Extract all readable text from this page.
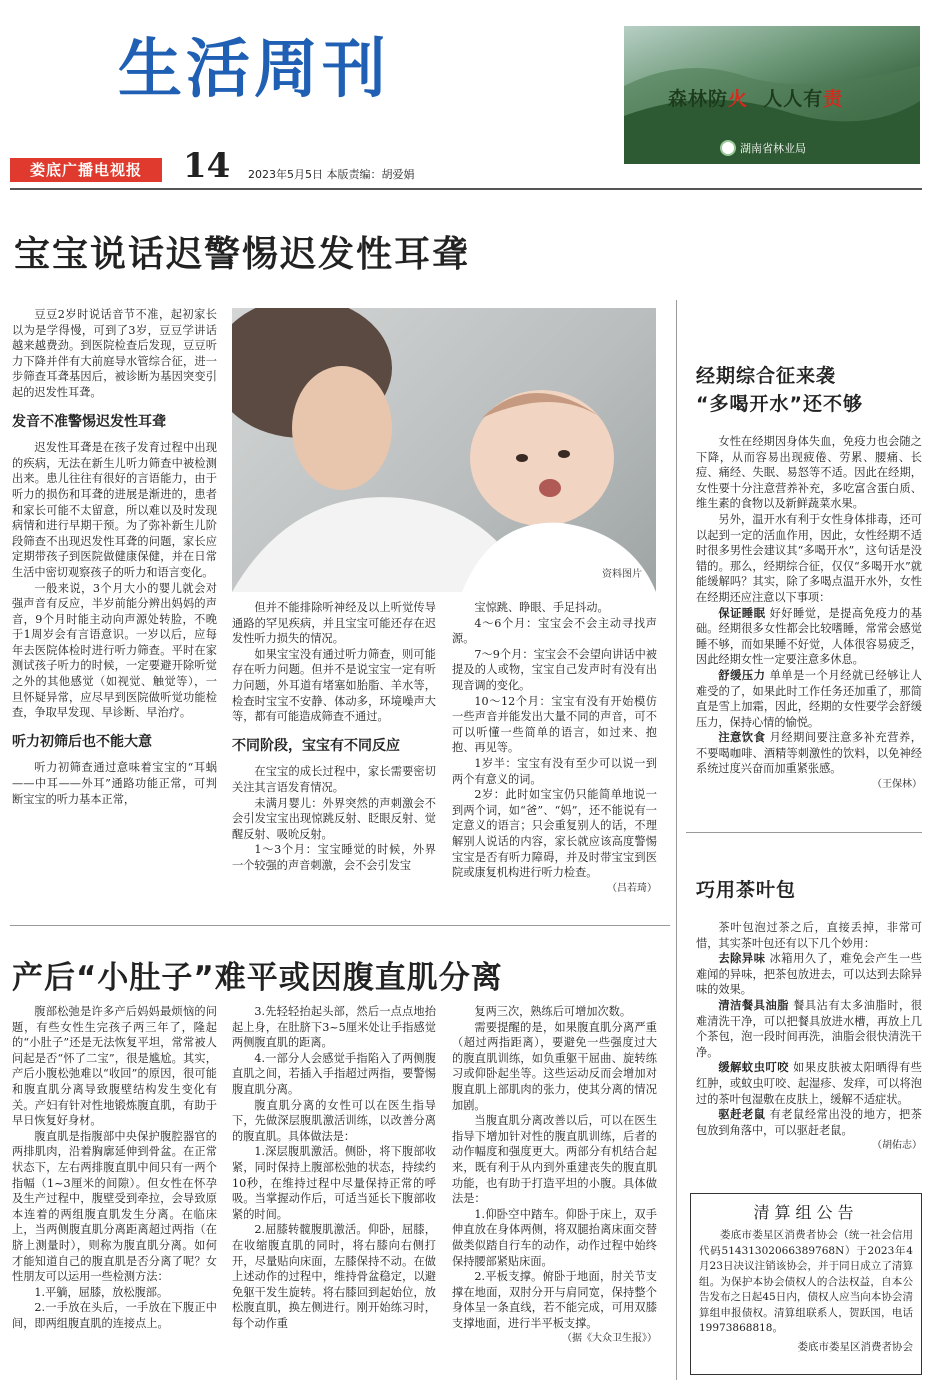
生活周刊	森林防火 人人有责
湖南省林业局
娄底广播电视报	14 2023年5月5日 本版责编：胡爱娟
宝宝说话迟警惕迟发性耳聋

豆豆2岁时说话音节不准，起初家长以为是学得慢，可到了3岁，豆豆学讲话越来越费劲。到医院检查后发现，豆豆听力下降并伴有大前庭导水管综合征，进一步筛查耳聋基因后，被诊断为基因突变引起的迟发性耳聋。

发音不准警惕迟发性耳聋

迟发性耳聋是在孩子发育过程中出现的疾病，无法在新生儿听力筛查中被检测出来。患儿往往有很好的言语能力，由于听力的损伤和耳聋的进展是渐进的，患者和家长可能不太留意，所以难以及时发现病情和进行早期干预。为了弥补新生儿阶段筛查不出现迟发性耳聋的问题，家长应定期带孩子到医院做健康保健，并在日常生活中密切观察孩子的听力和语言变化。

一般来说，3个月大小的婴儿就会对强声音有反应，半岁前能分辨出妈妈的声音，9个月时能主动向声源处转脸，不晚于1周岁会有言语意识。一岁以后，应每年去医院体检时进行听力筛查。平时在家测试孩子听力的时候，一定要避开除听觉之外的其他感觉（如视觉、触觉等），一旦怀疑异常，应尽早到医院做听觉功能检查，争取早发现、早诊断、早治疗。

听力初筛后也不能大意

听力初筛查通过意味着宝宝的“耳蜗——中耳——外耳”通路功能正常，可判断宝宝的听力基本正常，

资料图片

但并不能排除听神经及以上听觉传导通路的罕见疾病，并且宝宝可能还存在迟发性听力损失的情况。

如果宝宝没有通过听力筛查，则可能存在听力问题。但并不是说宝宝一定有听力问题，外耳道有堵塞如胎脂、羊水等，检查时宝宝不安静、体动多，环境噪声大等，都有可能造成筛查不通过。

不同阶段，宝宝有不同反应

在宝宝的成长过程中，家长需要密切关注其言语发育情况。

未满月婴儿：外界突然的声刺激会不会引发宝宝出现惊跳反射、眨眼反射、觉醒反射、吸吮反射。

1～3个月：宝宝睡觉的时候，外界一个较强的声音刺激，会不会引发宝

宝惊跳、睁眼、手足抖动。

4～6个月：宝宝会不会主动寻找声源。

7～9个月：宝宝会不会望向讲话中被提及的人或物，宝宝自己发声时有没有出现音调的变化。

10～12个月：宝宝有没有开始模仿一些声音并能发出大量不同的声音，可不可以听懂一些简单的语言，如过来、抱抱、再见等。

1岁半：宝宝有没有至少可以说一到两个有意义的词。

2岁：此时如宝宝仍只能简单地说一到两个词，如“爸”、“妈”，还不能说有一定意义的语言；只会重复别人的话，不理解别人说话的内容，家长就应该高度警惕宝宝是否有听力障碍，并及时带宝宝到医院或康复机构进行听力检查。

（吕若琦）

产后“小肚子”难平或因腹直肌分离

腹部松弛是许多产后妈妈最烦恼的问题，有些女性生完孩子两三年了，隆起的“小肚子”还是无法恢复平坦，常常被人问起是否“怀了二宝”，很是尴尬。其实，产后小腹松弛难以“收回”的原因，很可能和腹直肌分离导致腹壁结构发生变化有关。产妇有针对性地锻炼腹直肌，有助于早日恢复好身材。

腹直肌是指腹部中央保护腹腔器官的两排肌肉，沿着胸廓延伸到骨盆。在正常状态下，左右两排腹直肌中间只有一两个指幅（1~3厘米的间隙）。但女性在怀孕及生产过程中，腹壁受到牵拉，会导致原本连着的两组腹直肌发生分离。在临床上，当两侧腹直肌分离距离超过两指（在脐上测量时），则称为腹直肌分离。如何才能知道自己的腹直肌是否分离了呢？女性朋友可以运用一些检测方法：

1.平躺，屈膝，放松腹部。

2.一手放在头后，一手放在下腹正中间，即两组腹直肌的连接点上。

3.先轻轻抬起头部，然后一点点地抬起上身，在肚脐下3~5厘米处让手指感觉两侧腹直肌的距离。

4.一部分人会感觉手指陷入了两侧腹直肌之间，若插入手指超过两指，要警惕腹直肌分离。

腹直肌分离的女性可以在医生指导下，先做深层腹肌激活训练，以改善分离的腹直肌。具体做法是：

1.深层腹肌激活。侧卧，将下腹部收紧，同时保持上腹部松弛的状态，持续约10秒，在维持过程中尽量保持正常的呼吸。当掌握动作后，可适当延长下腹部收紧的时间。

2.屈膝转髋腹肌激活。仰卧，屈膝，在收缩腹直肌的同时，将右膝向右侧打开，尽量贴向床面，左膝保持不动。在做上述动作的过程中，维持骨盆稳定，以避免躯干发生旋转。将右膝回到起始位，放松腹直肌，换左侧进行。刚开始练习时，每个动作重

复两三次，熟练后可增加次数。

需要提醒的是，如果腹直肌分离严重（超过两指距离），要避免一些强度过大的腹直肌训练，如负重躯干屈曲、旋转练习或仰卧起坐等。这些运动反而会增加对腹直肌上部肌肉的张力，使其分离的情况加剧。

当腹直肌分离改善以后，可以在医生指导下增加针对性的腹直肌训练，后者的动作幅度和强度更大。两部分有机结合起来，既有利于从内到外重建丧失的腹直肌功能，也有助于打造平坦的小腹。具体做法是：

1.仰卧空中踏车。仰卧于床上，双手伸直放在身体两侧，将双腿抬离床面交替做类似踏自行车的动作，动作过程中始终保持腰部紧贴床面。

2.平板支撑。俯卧于地面，肘关节支撑在地面，双肘分开与肩同宽，保持整个身体呈一条直线，若不能完成，可用双膝支撑地面，进行半平板支撑。

（据《大众卫生报》）

经期综合征来袭
“多喝开水”还不够

女性在经期因身体失血，免疫力也会随之下降，从而容易出现疲倦、劳累、腰痛、长痘、痛经、失眠、易怒等不适。因此在经期，女性要十分注意营养补充，多吃富含蛋白质、维生素的食物以及新鲜蔬菜水果。

另外，温开水有利于女性身体排毒，还可以起到一定的活血作用，因此，女性经期不适时很多男性会建议其“多喝开水”，这句话是没错的。那么，经期综合征，仅仅“多喝开水”就能缓解吗？其实，除了多喝点温开水外，女性在经期还应注意以下事项：

保证睡眠 好好睡觉，是提高免疫力的基础。经期很多女性都会比较嗜睡，常常会感觉睡不够，而如果睡不好觉，人体很容易疲乏，因此经期女性一定要注意多休息。

舒缓压力 单单是一个月经就已经够让人难受的了，如果此时工作任务还加重了，那简直是雪上加霜，因此，经期的女性要学会舒缓压力，保持心情的愉悦。

注意饮食 月经期间要注意多补充营养，不要喝咖啡、酒精等刺激性的饮料，以免神经系统过度兴奋而加重紧张感。

（王保林）

巧用茶叶包

茶叶包泡过茶之后，直接丢掉，非常可惜，其实茶叶包还有以下几个妙用：

去除异味 冰箱用久了，难免会产生一些难闻的异味，把茶包放进去，可以达到去除异味的效果。

清洁餐具油脂 餐具沾有太多油脂时，很难清洗干净，可以把餐具放进水槽，再放上几个茶包，泡一段时间再洗，油脂会很快清洗干净。

缓解蚊虫叮咬 如果皮肤被太阳晒得有些红肿，或蚊虫叮咬、起湿疹、发痒，可以将泡过的茶叶包湿敷在皮肤上，缓解不适症状。

驱赶老鼠 有老鼠经常出没的地方，把茶包放到角落中，可以驱赶老鼠。

（胡佑志）

清算组公告
娄底市娄星区消费者协会（统一社会信用代码51431302066389768N）于2023年4月23日决议注销该协会，并于同日成立了清算组。为保护本协会债权人的合法权益，自本公告发布之日起45日内，债权人应当向本协会清算组申报债权。清算组联系人，贺跃国，电话19973868818。
娄底市娄星区消费者协会
